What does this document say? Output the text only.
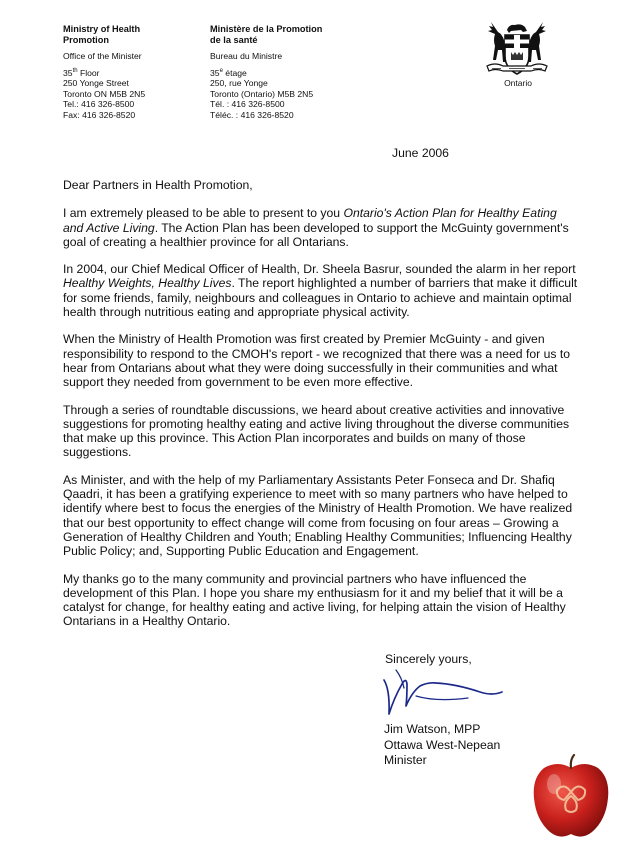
Ministry of Health
Promotion
Office of the Minister
35th Floor
250 Yonge Street
Toronto ON M5B 2N5
Tel.: 416 326-8500
Fax: 416 326-8520
Ministère de la Promotion
de la santé
Bureau du Ministre
35e étage
250, rue Yonge
Toronto (Ontario) M5B 2N5
Tél. : 416 326-8500
Téléc. : 416 326-8520
Ontario
June 2006

Dear Partners in Health Promotion,

I am extremely pleased to be able to present to you Ontario's Action Plan for Healthy Eating and Active Living. The Action Plan has been developed to support the McGuinty government's goal of creating a healthier province for all Ontarians.

In 2004, our Chief Medical Officer of Health, Dr. Sheela Basrur, sounded the alarm in her report Healthy Weights, Healthy Lives. The report highlighted a number of barriers that make it difficult for some friends, family, neighbours and colleagues in Ontario to achieve and maintain optimal health through nutritious eating and appropriate physical activity.

When the Ministry of Health Promotion was first created by Premier McGuinty - and given responsibility to respond to the CMOH's report - we recognized that there was a need for us to hear from Ontarians about what they were doing successfully in their communities and what support they needed from government to be even more effective.

Through a series of roundtable discussions, we heard about creative activities and innovative suggestions for promoting healthy eating and active living throughout the diverse communities that make up this province. This Action Plan incorporates and builds on many of those suggestions.

As Minister, and with the help of my Parliamentary Assistants Peter Fonseca and Dr. Shafiq Qaadri, it has been a gratifying experience to meet with so many partners who have helped to identify where best to focus the energies of the Ministry of Health Promotion. We have realized that our best opportunity to effect change will come from focusing on four areas – Growing a Generation of Healthy Children and Youth; Enabling Healthy Communities; Influencing Healthy Public Policy; and, Supporting Public Education and Engagement.

My thanks go to the many community and provincial partners who have influenced the development of this Plan. I hope you share my enthusiasm for it and my belief that it will be a catalyst for change, for healthy eating and active living, for helping attain the vision of Healthy Ontarians in a Healthy Ontario.

Sincerely yours,
Jim Watson, MPP
Ottawa West-Nepean
Minister
